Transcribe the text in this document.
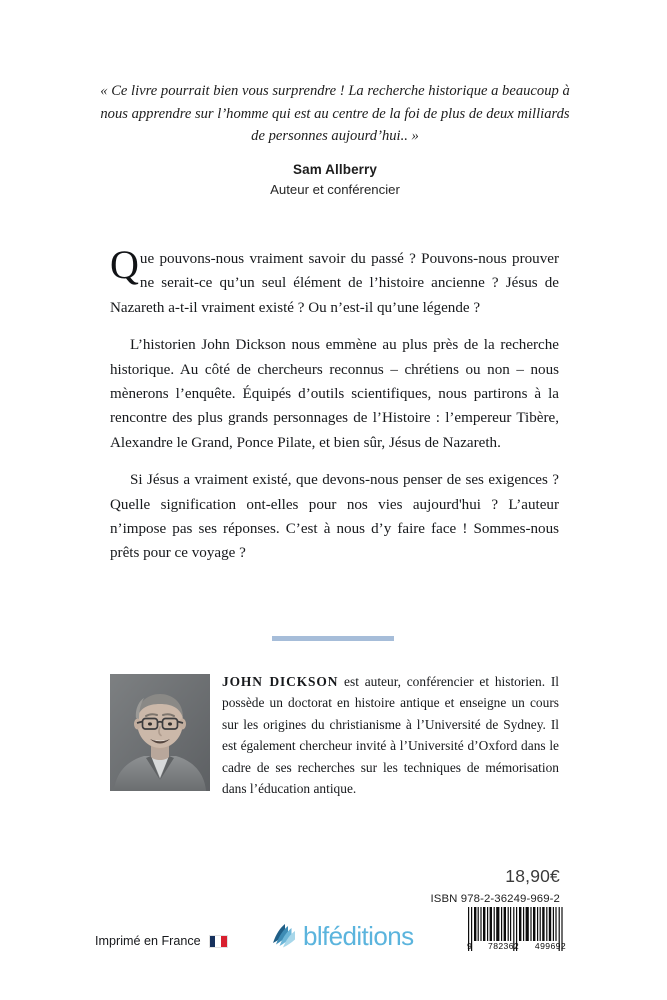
« Ce livre pourrait bien vous surprendre ! La recherche historique a beaucoup à nous apprendre sur l’homme qui est au centre de la foi de plus de deux milliards de personnes aujourd’hui.. »
Sam Allberry
Auteur et conférencier

Que pouvons-nous vraiment savoir du passé ? Pouvons-nous prouver ne serait-ce qu’un seul élément de l’histoire ancienne ? Jésus de Nazareth a-t-il vraiment existé ? Ou n’est-il qu’une légende ?

L’historien John Dickson nous emmène au plus près de la recherche historique. Au côté de chercheurs reconnus – chrétiens ou non – nous mènerons l’enquête. Équipés d’outils scientifiques, nous partirons à la rencontre des plus grands personnages de l’Histoire : l’empereur Tibère, Alexandre le Grand, Ponce Pilate, et bien sûr, Jésus de Nazareth.

Si Jésus a vraiment existé, que devons-nous penser de ses exigences ? Quelle signification ont-elles pour nos vies aujourd'hui ? L’auteur n’impose pas ses réponses. C’est à nous d’y faire face ! Sommes-nous prêts pour ce voyage ?

JOHN DICKSON est auteur, conférencier et historien. Il possède un doctorat en histoire antique et enseigne un cours sur les origines du christianisme à l’Université de Sydney. Il est également chercheur invité à l’Université d’Oxford dans le cadre de ses recherches sur les techniques de mémorisation dans l’éducation antique.

18,90€
ISBN 978-2-36249-969-2
9 782362 499692
Imprimé en France	blféditions
